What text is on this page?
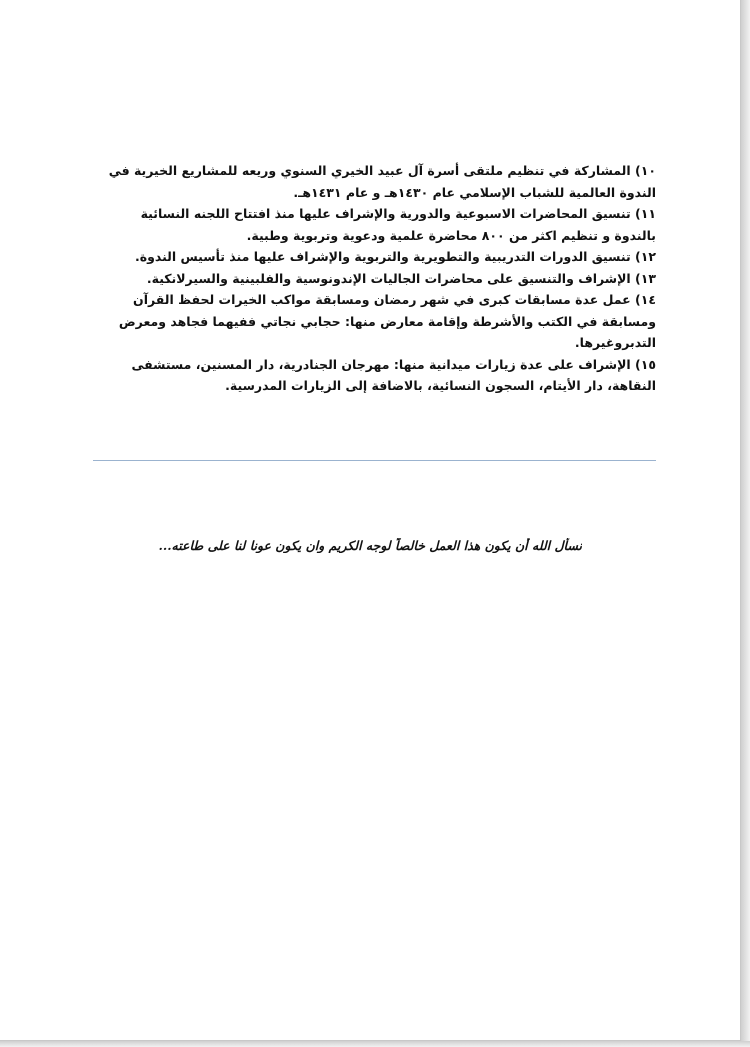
١٠) المشاركة في تنظيم ملتقى أسرة آل عبيد الخيري السنوي وريعه للمشاريع الخيرية في الندوة العالمية للشباب الإسلامي عام ١٤٣٠هـ و عام ١٤٣١هـ.

١١) تنسيق المحاضرات الاسبوعية والدورية والإشراف عليها منذ افتتاح اللجنه النسائية بالندوة و تنظيم اكثر من ٨٠٠ محاضرة علمية ودعوية وتربوية وطبية.

١٢) تنسيق الدورات التدريبية والتطويرية والتربوية والإشراف عليها منذ تأسيس الندوة.

١٣) الإشراف والتنسيق على محاضرات الجاليات الإندونوسية والفلبينية والسيرلانكية.

١٤) عمل عدة مسابقات كبرى في شهر رمضان ومسابقة مواكب الخيرات لحفظ القرآن ومسابقة في الكتب والأشرطة وإقامة معارض منها: حجابي نجاتي ففيهما فجاهد ومعرض التدبروغيرها.

١٥) الإشراف على عدة زيارات ميدانية منها: مهرجان الجنادرية، دار المسنين، مستشفى النقاهة، دار الأيتام، السجون النسائية، بالاضافة إلى الزيارات المدرسية.

نسأل الله أن يكون هذا العمل خالصاً لوجه الكريم وان يكون عونا لنا على طاعته...
